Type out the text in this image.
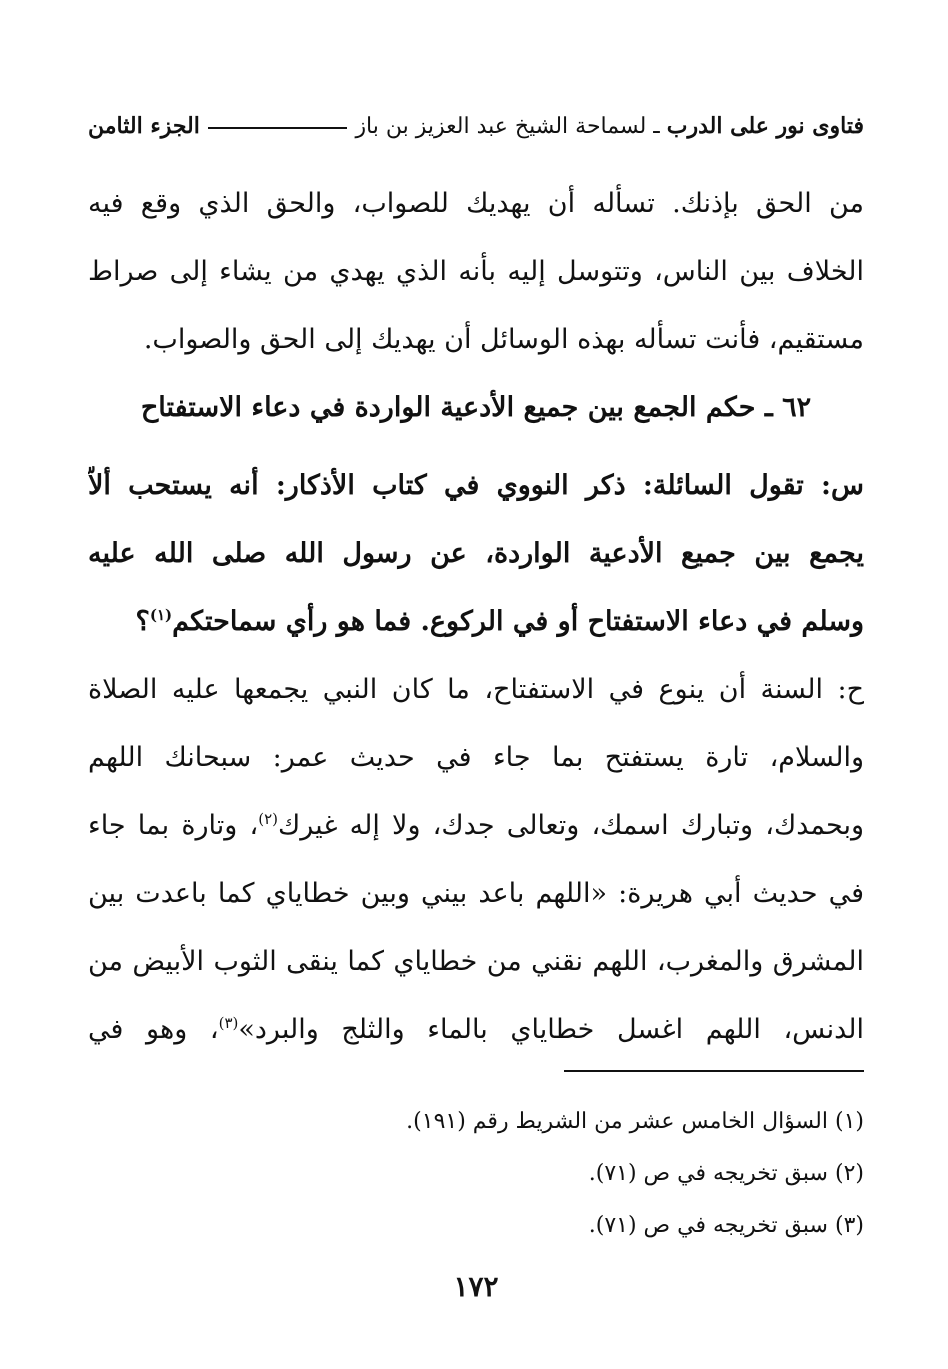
فتاوى نور على الدرب ـ لسماحة الشيخ عبد العزيز بن باز
الجزء الثامن
من الحق بإذنك. تسأله أن يهديك للصواب، والحق الذي وقع فيه
الخلاف بين الناس، وتتوسل إليه بأنه الذي يهدي من يشاء إلى صراط
مستقيم، فأنت تسأله بهذه الوسائل أن يهديك إلى الحق والصواب.
٦٢ ـ حكم الجمع بين جميع الأدعية الواردة في دعاء الاستفتاح
س: تقول السائلة: ذكر النووي في كتاب الأذكار: أنه يستحب ألاّ
يجمع بين جميع الأدعية الواردة، عن رسول الله صلى الله عليه
وسلم في دعاء الاستفتاح أو في الركوع. فما هو رأي سماحتكم$^{(١)}$؟
ح: السنة أن ينوع في الاستفتاح، ما كان النبي يجمعها عليه الصلاة
والسلام، تارة يستفتح بما جاء في حديث عمر: سبحانك اللهم
وبحمدك، وتبارك اسمك، وتعالى جدك، ولا إله غيرك$^{(٢)}$، وتارة بما جاء
في حديث أبي هريرة: «اللهم باعد بيني وبين خطاياي كما باعدت بين
المشرق والمغرب، اللهم نقني من خطاياي كما ينقى الثوب الأبيض من
الدنس، اللهم اغسل خطاياي بالماء والثلج والبرد»$^{(٣)}$، وهو في
(١) السؤال الخامس عشر من الشريط رقم (١٩١).
(٢) سبق تخريجه في ص (٧١).
(٣) سبق تخريجه في ص (٧١).
١٧٢
